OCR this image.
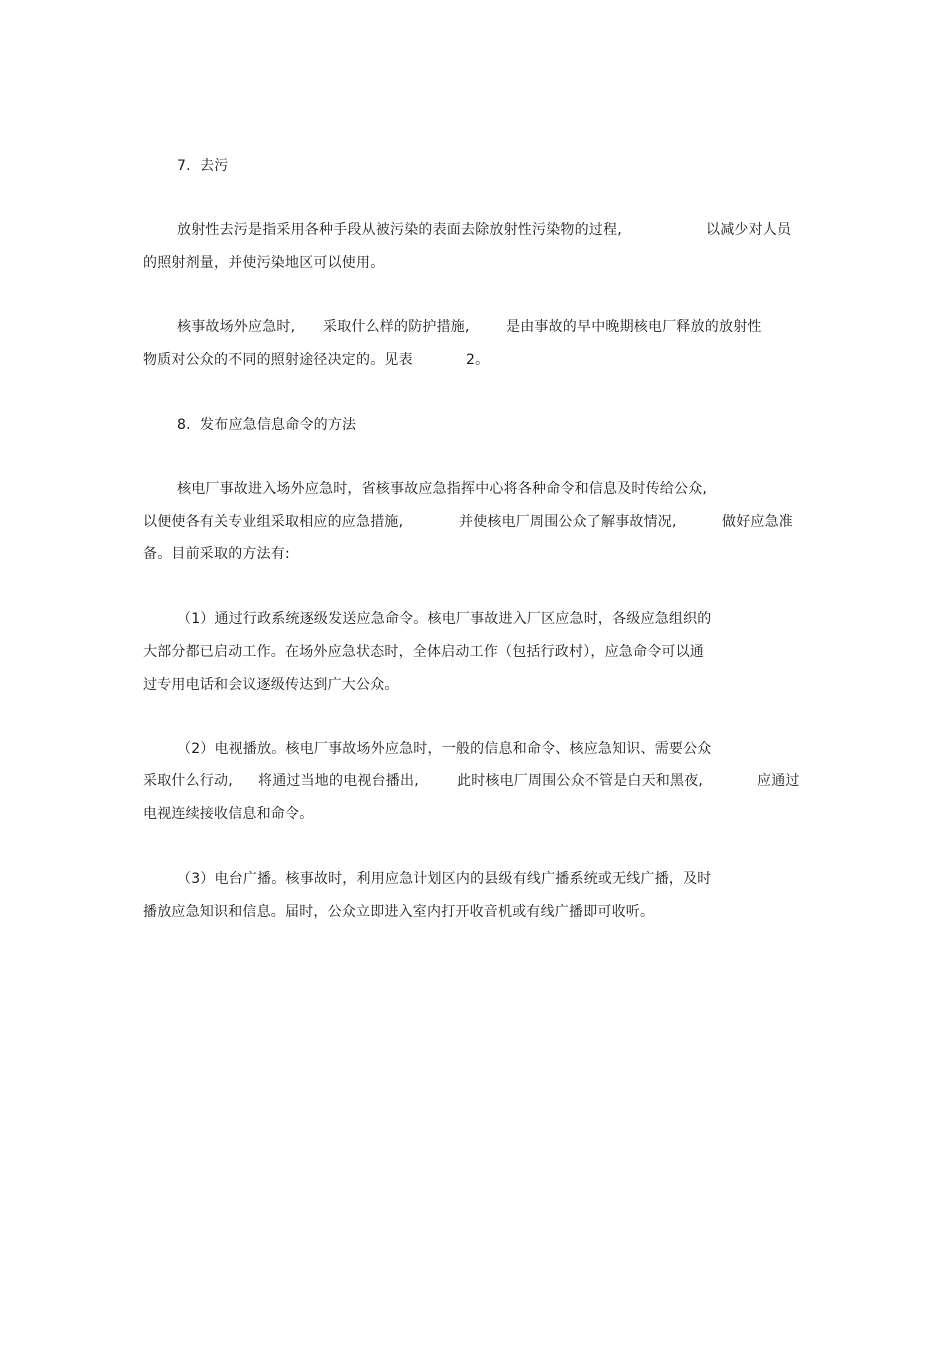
7.  去污
放射性去污是指采用各种手段从被污染的表面去除放射性污染物的过程,	以减少对人员
的照射剂量，并使污染地区可以使用。
核事故场外应急时, 采取什么样的防护措施,	是由事故的早中晚期核电厂释放的放射性
物质对公众的不同的照射途径决定的。见表	2。
8.  发布应急信息命令的方法
核电厂事故进入场外应急时，省核事故应急指挥中心将各种命令和信息及时传给公众,
以便使各有关专业组采取相应的应急措施,	并使核电厂周围公众了解事故情况,	做好应急准
备。目前采取的方法有:
（1）通过行政系统逐级发送应急命令。核电厂事故进入厂区应急时，各级应急组织的
大部分都已启动工作。在场外应急状态时，全体启动工作（包括行政村），应急命令可以通
过专用电话和会议逐级传达到广大公众。
（2）电视播放。核电厂事故场外应急时，一般的信息和命令、核应急知识、需要公众
采取什么行动, 将通过当地的电视台播出,	此时核电厂周围公众不管是白天和黑夜,	应通过
电视连续接收信息和命令。
（3）电台广播。核事故时，利用应急计划区内的县级有线广播系统或无线广播，及时
播放应急知识和信息。届时，公众立即进入室内打开收音机或有线广播即可收听。
